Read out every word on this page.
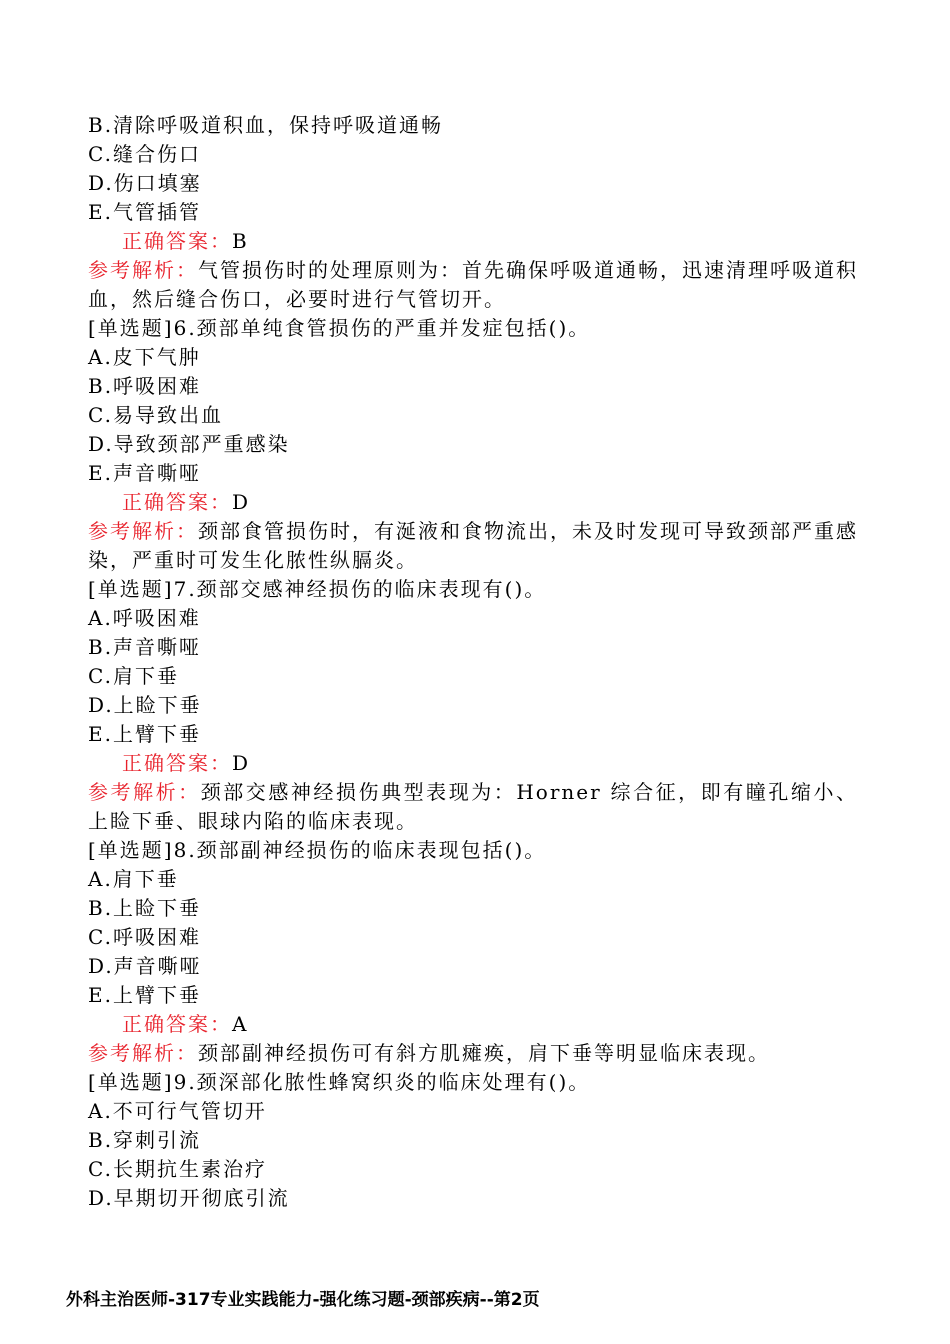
B.清除呼吸道积血，保持呼吸道通畅
C.缝合伤口
D.伤口填塞
E.气管插管
正确答案：B
参考解析：气管损伤时的处理原则为：首先确保呼吸道通畅，迅速清理呼吸道积血，然后缝合伤口，必要时进行气管切开。
[单选题]6.颈部单纯食管损伤的严重并发症包括()。
A.皮下气肿
B.呼吸困难
C.易导致出血
D.导致颈部严重感染
E.声音嘶哑
正确答案：D
参考解析：颈部食管损伤时，有涎液和食物流出，未及时发现可导致颈部严重感染，严重时可发生化脓性纵膈炎。
[单选题]7.颈部交感神经损伤的临床表现有()。
A.呼吸困难
B.声音嘶哑
C.肩下垂
D.上睑下垂
E.上臂下垂
正确答案：D
参考解析：颈部交感神经损伤典型表现为：Horner 综合征，即有瞳孔缩小、上睑下垂、眼球内陷的临床表现。
[单选题]8.颈部副神经损伤的临床表现包括()。
A.肩下垂
B.上睑下垂
C.呼吸困难
D.声音嘶哑
E.上臂下垂
正确答案：A
参考解析：颈部副神经损伤可有斜方肌瘫痪，肩下垂等明显临床表现。
[单选题]9.颈深部化脓性蜂窝织炎的临床处理有()。
A.不可行气管切开
B.穿刺引流
C.长期抗生素治疗
D.早期切开彻底引流
外科主治医师-317专业实践能力-强化练习题-颈部疾病--第2页
